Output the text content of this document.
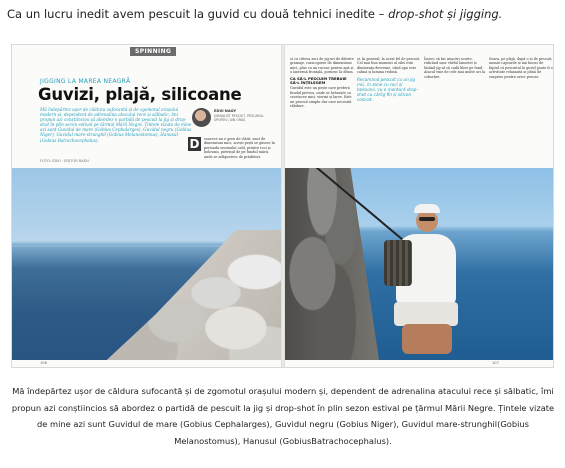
Ca un lucru inedit avem pescuit la guvid cu două tehnici inedite – drop-shot și jigging.
SPINNING
JIGGING LA MAREA NEAGRĂ
Guvizi, plajă, silicoane
Mă îndepărtez ușor de căldura sufocantă și de zgomotul orașului modern și, dependent de adrenalina atacului rece și sălbatic, îmi propun azi conștiincios să abordez o partidă de pescuit la jig și drop-shot în plin sezon estival pe țărmul Mării Negre. Țintele vizate de mine azi sunt Guvidul de mare (Gobius Cephalarges), Guvidul negru (Gobius Niger), Guvidul mare-strunghil (Gobius Melanostomus), Hanusul (Gobius Batrachocephalus).
EDVI NAGY
JURNALIST PESCUIT, PESCARUL SPORTIV, DIN ORAȘ
FOTO: EDVI · EDITOR RADU
D	eoarece nu e greu de clătit, sunt de dimensiuni mici, acești pești se găsesc în perioada sezonului cald, printre roci și bolovani, pietrișul de pe fundul mării, unde se adăpostesc de prădători.
și cu câteva zeci de jig-uri de diferite gramaje, raracopiere de dimensiuni mici, plus cu un rucsac pentru apă și o lanternă frontală, pornesc la drum.
CA SĂ-L PESCUIM TREBUIE SĂ-L ÎNȚELEGEM
Guvidul este un pește care preferă fundul pietros, unde se hrănește cu crustacee mici, viermi și larve. Este un pescuit simplu dar care necesită răbdare.
și, în general, la acest fel de pescuit. Cel mai bun moment al zilei este dimineața devreme, când apa este calmă și lumina redusă.
Recomand pescuit cu un jig mic, în zone cu roci și bolovani, cu o montură drop-shot cu cârlig fin și silicon colorat.
Încerc să fac mișcări scurte, ridicând ușor vârful lansetei și lăsând jig-ul să cadă liber pe fund. Atacul vine de cele mai multe ori la coborâre.
Seara, pe plajă, după o zi de pescuit, număr capturile și mă bucur de faptul că pescuitul la guvid poate fi o activitate relaxantă și plină de surprize pentru orice pescar.
106	107
Mă îndepărtez ușor de căldura sufocantă și de zgomotul orașului modern și, dependent de adrenalina atacului rece și sălbatic, îmi propun azi conștiincios să abordez o partidă de pescuit la jig și drop-shot în plin sezon estival pe țărmul Mării Negre. Țintele vizate de mine azi sunt Guvidul de mare (Gobius Cephalarges), Guvidul negru (Gobius Niger), Guvidul mare-strunghil(Gobius Melanostomus), Hanusul (GobiusBatrachocephalus).
